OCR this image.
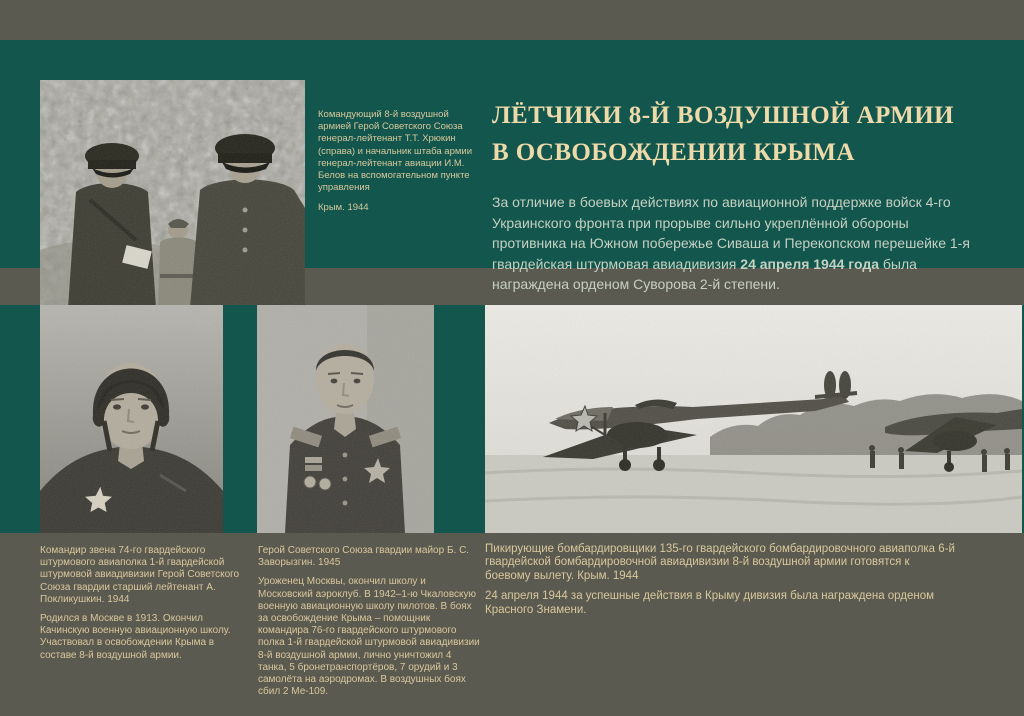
Командующий 8-й воздушной армией Герой Советского Союза генерал-лейтенант Т.Т. Хрюкин (справа) и начальник штаба армии генерал-лейтенант авиации И.М. Белов на вспомогательном пункте управления

Крым. 1944

ЛЁТЧИКИ 8-Й ВОЗДУШНОЙ АРМИИ
В ОСВОБОЖДЕНИИ КРЫМА

За отличие в боевых действиях по авиационной поддержке войск 4-го Украинского фронта при прорыве сильно укреплённой обороны противника на Южном побережье Сиваша и Перекопском перешейке 1-я гвардейская штурмовая авиадивизия 24 апреля 1944 года была награждена орденом Суворова 2-й степени.

Командир звена 74-го гвардейского штурмового авиаполка 1-й гвардейской штурмовой авиадивизии Герой Советского Союза гвардии старший лейтенант А. Покликушкин. 1944

Родился в Москве в 1913. Окончил Качинскую военную авиационную школу. Участвовал в освобождении Крыма в составе 8-й воздушной армии.

Герой Советского Союза гвардии майор Б. С. Заворызгин. 1945

Уроженец Москвы, окончил школу и Московский аэроклуб. В 1942–1-ю Чкаловскую военную авиационную школу пилотов. В боях за освобождение Крыма – помощник командира 76-го гвардейского штурмового полка 1-й гвардейской штурмовой авиадивизии 8-й воздушной армии, лично уничтожил 4 танка, 5 бронетранспортёров, 7 орудий и 3 самолёта на аэродромах. В воздушных боях сбил 2 Ме-109.

Пикирующие бомбардировщики 135-го гвардейского бомбардировочного авиаполка 6-й гвардейской бомбардировочной авиадивизии 8-й воздушной армии готовятся к боевому вылету. Крым. 1944

24 апреля 1944 за успешные действия в Крыму дивизия была награждена орденом Красного Знамени.
